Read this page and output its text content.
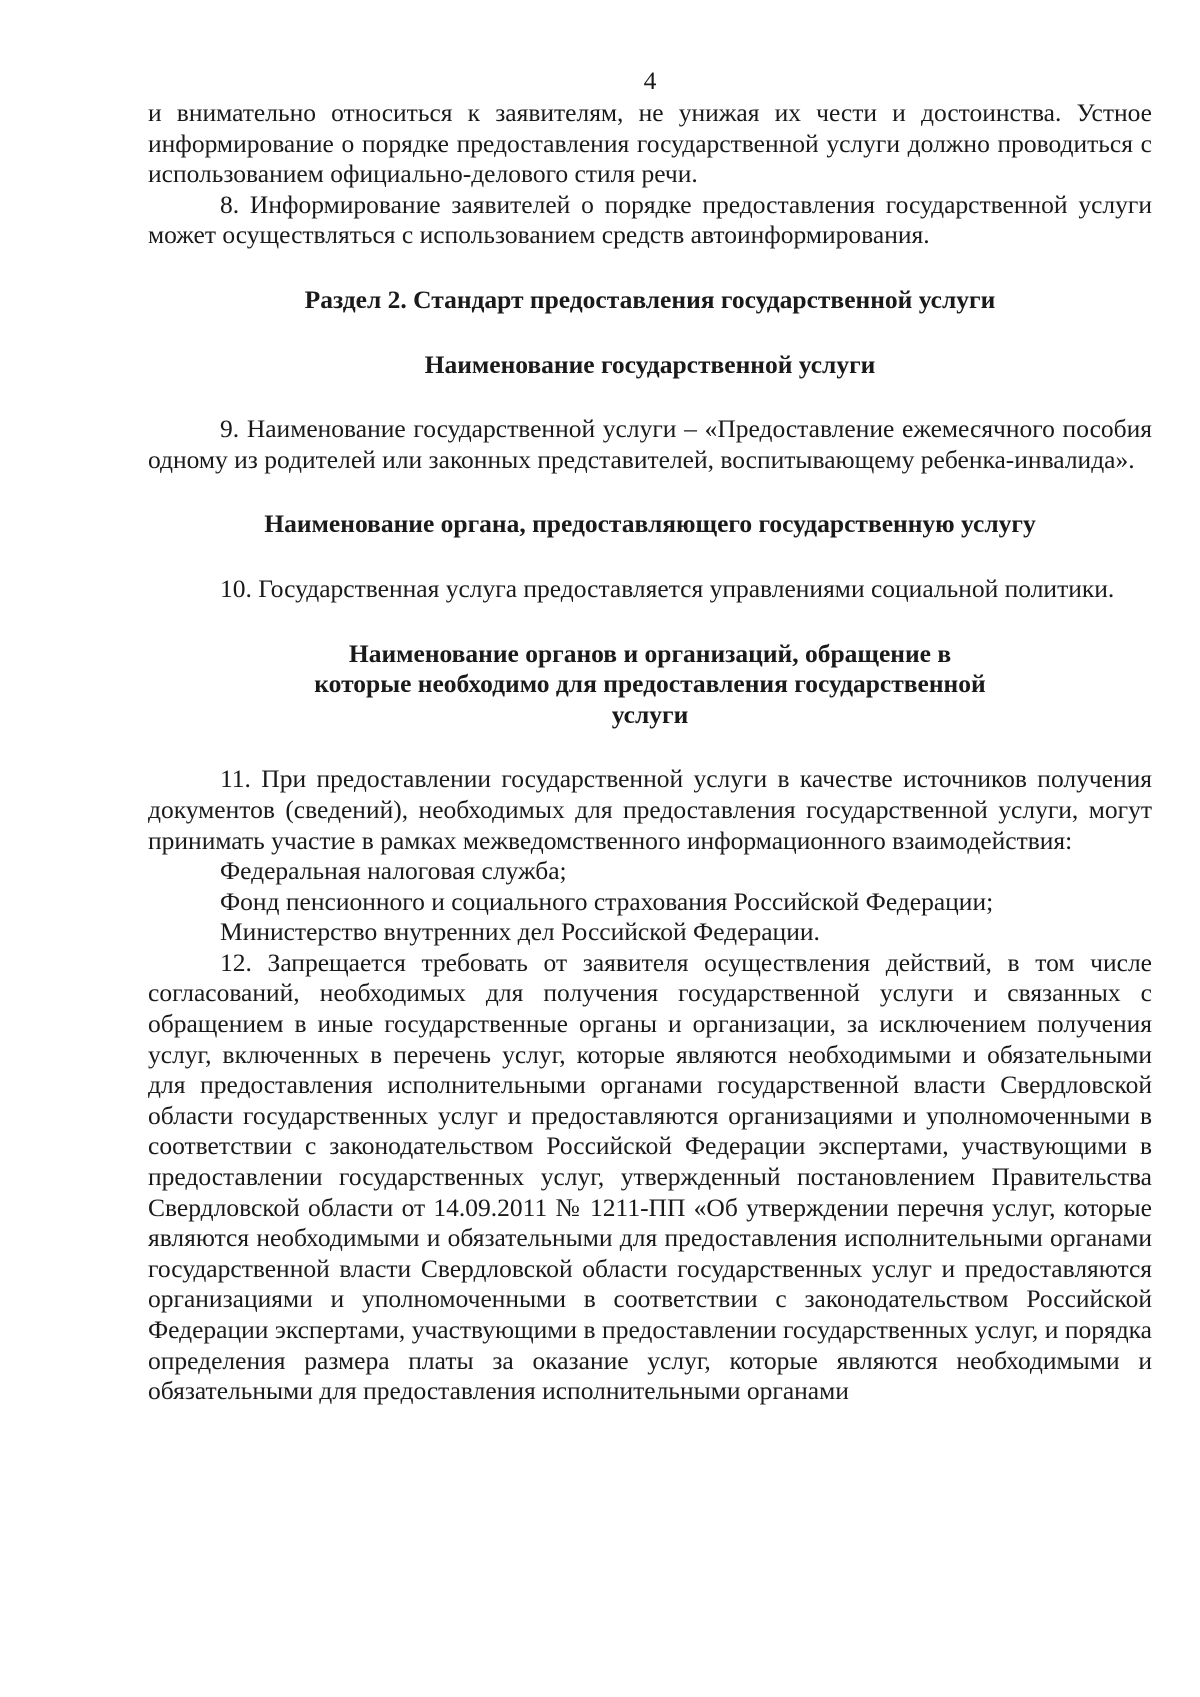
4

и внимательно относиться к заявителям, не унижая их чести и достоинства. Устное информирование о порядке предоставления государственной услуги должно проводиться с использованием официально-делового стиля речи.

8. Информирование заявителей о порядке предоставления государственной услуги может осуществляться с использованием средств автоинформирования.

Раздел 2. Стандарт предоставления государственной услуги
Наименование государственной услуги

9. Наименование государственной услуги – «Предоставление ежемесячного пособия одному из родителей или законных представителей, воспитывающему ребенка-инвалида».

Наименование органа, предоставляющего государственную услугу

10. Государственная услуга предоставляется управлениями социальной политики.

Наименование органов и организаций, обращение в которые необходимо для предоставления государственной услуги

11. При предоставлении государственной услуги в качестве источников получения документов (сведений), необходимых для предоставления государственной услуги, могут принимать участие в рамках межведомственного информационного взаимодействия:

Федеральная налоговая служба;

Фонд пенсионного и социального страхования Российской Федерации;

Министерство внутренних дел Российской Федерации.

12. Запрещается требовать от заявителя осуществления действий, в том числе согласований, необходимых для получения государственной услуги и связанных с обращением в иные государственные органы и организации, за исключением получения услуг, включенных в перечень услуг, которые являются необходимыми и обязательными для предоставления исполнительными органами государственной власти Свердловской области государственных услуг и предоставляются организациями и уполномоченными в соответствии с законодательством Российской Федерации экспертами, участвующими в предоставлении государственных услуг, утвержденный постановлением Правительства Свердловской области от 14.09.2011 № 1211-ПП «Об утверждении перечня услуг, которые являются необходимыми и обязательными для предоставления исполнительными органами государственной власти Свердловской области государственных услуг и предоставляются организациями и уполномоченными в соответствии с законодательством Российской Федерации экспертами, участвующими в предоставлении государственных услуг, и порядка определения размера платы за оказание услуг, которые являются необходимыми и обязательными для предоставления исполнительными органами
